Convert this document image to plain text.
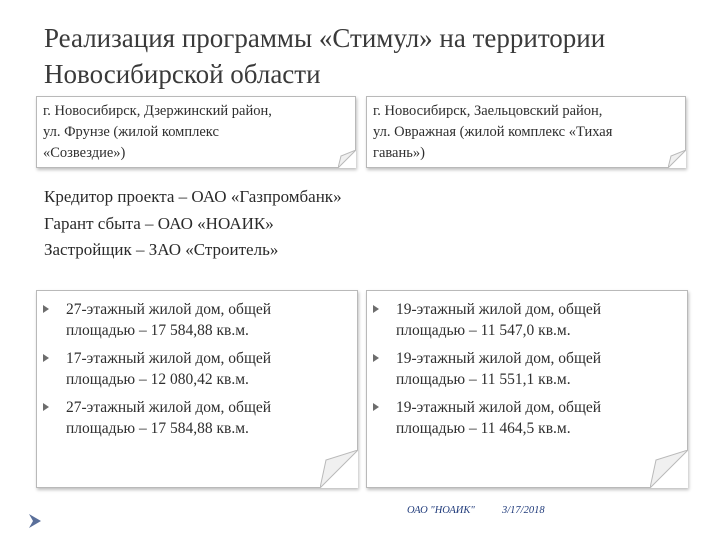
Реализация программы «Стимул» на территории
Новосибирской области
г. Новосибирск, Дзержинский район,
ул. Фрунзе (жилой комплекс
«Созвездие»)
г. Новосибирск, Заельцовский район,
ул. Овражная (жилой комплекс «Тихая
гавань»)
Кредитор проекта – ОАО «Газпромбанк»
Гарант сбыта – ОАО «НОАИК»
Застройщик – ЗАО «Строитель»
27-этажный жилой дом, общей
площадью – 17 584,88 кв.м.
17-этажный жилой дом, общей
площадью – 12 080,42 кв.м.
27-этажный жилой дом, общей
площадью – 17 584,88 кв.м.
19-этажный жилой дом, общей
площадью – 11 547,0 кв.м.
19-этажный жилой дом, общей
площадью – 11 551,1 кв.м.
19-этажный жилой дом, общей
площадью – 11 464,5 кв.м.
ОАО "НОАИК"	3/17/2018
